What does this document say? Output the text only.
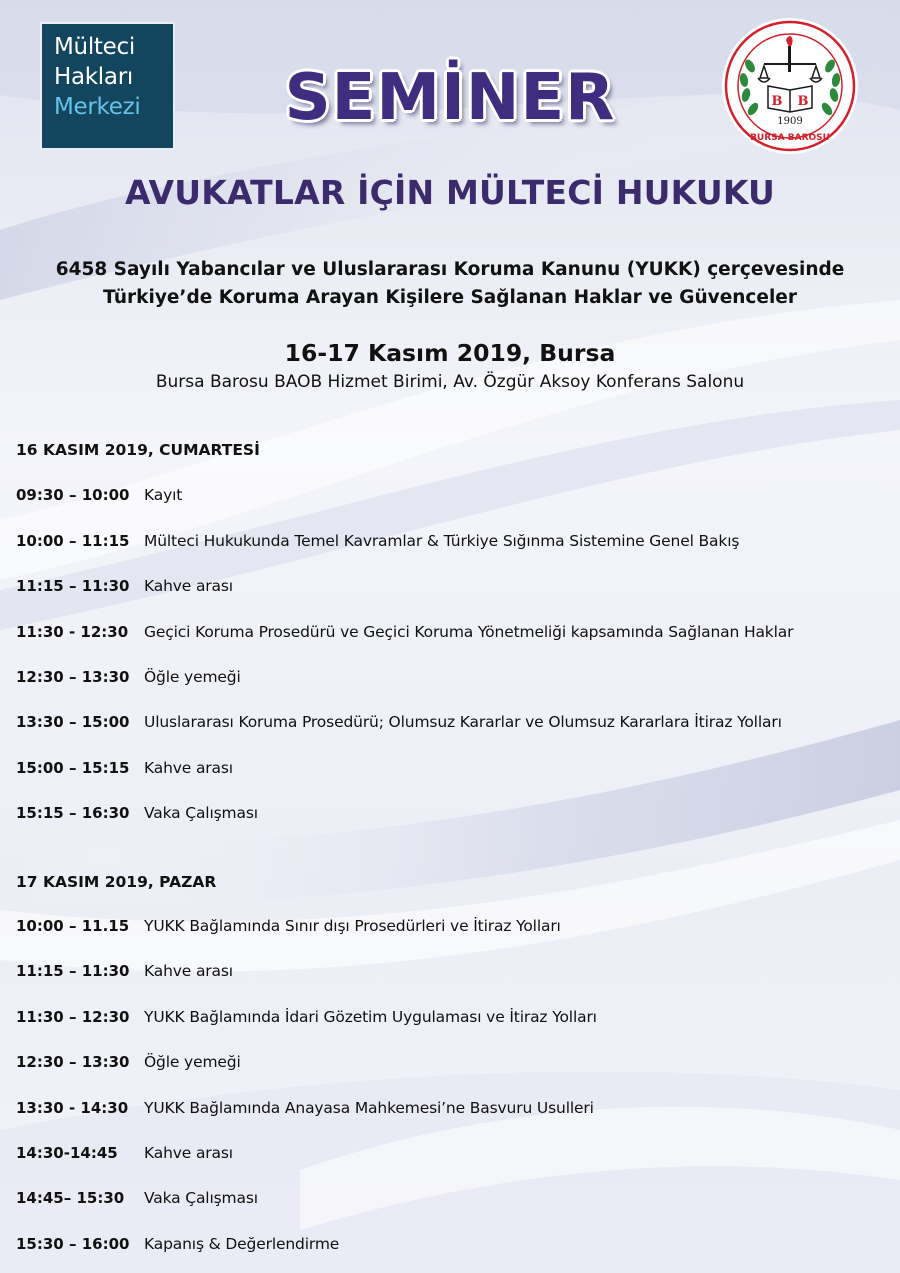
Mülteci
Hakları
Merkezi	B B
1909
BURSA BAROSU
SEMİNER
AVUKATLAR İÇİN MÜLTECİ HUKUKU
6458 Sayılı Yabancılar ve Uluslararası Koruma Kanunu (YUKK) çerçevesinde
Türkiye’de Koruma Arayan Kişilere Sağlanan Haklar ve Güvenceler
16-17 Kasım 2019, Bursa
Bursa Barosu BAOB Hizmet Birimi, Av. Özgür Aksoy Konferans Salonu
16 KASIM 2019, CUMARTESİ
09:30 – 10:00 Kayıt
10:00 – 11:15 Mülteci Hukukunda Temel Kavramlar & Türkiye Sığınma Sistemine Genel Bakış
11:15 – 11:30 Kahve arası
11:30 - 12:30 Geçici Koruma Prosedürü ve Geçici Koruma Yönetmeliği kapsamında Sağlanan Haklar
12:30 – 13:30 Öğle yemeği
13:30 – 15:00 Uluslararası Koruma Prosedürü; Olumsuz Kararlar ve Olumsuz Kararlara İtiraz Yolları
15:00 – 15:15 Kahve arası
15:15 – 16:30 Vaka Çalışması
17 KASIM 2019, PAZAR
10:00 – 11.15 YUKK Bağlamında Sınır dışı Prosedürleri ve İtiraz Yolları
11:15 – 11:30 Kahve arası
11:30 – 12:30 YUKK Bağlamında İdari Gözetim Uygulaması ve İtiraz Yolları
12:30 – 13:30 Öğle yemeği
13:30 - 14:30 YUKK Bağlamında Anayasa Mahkemesi’ne Basvuru Usulleri
14:30-14:45 Kahve arası
14:45– 15:30 Vaka Çalışması
15:30 – 16:00 Kapanış & Değerlendirme
